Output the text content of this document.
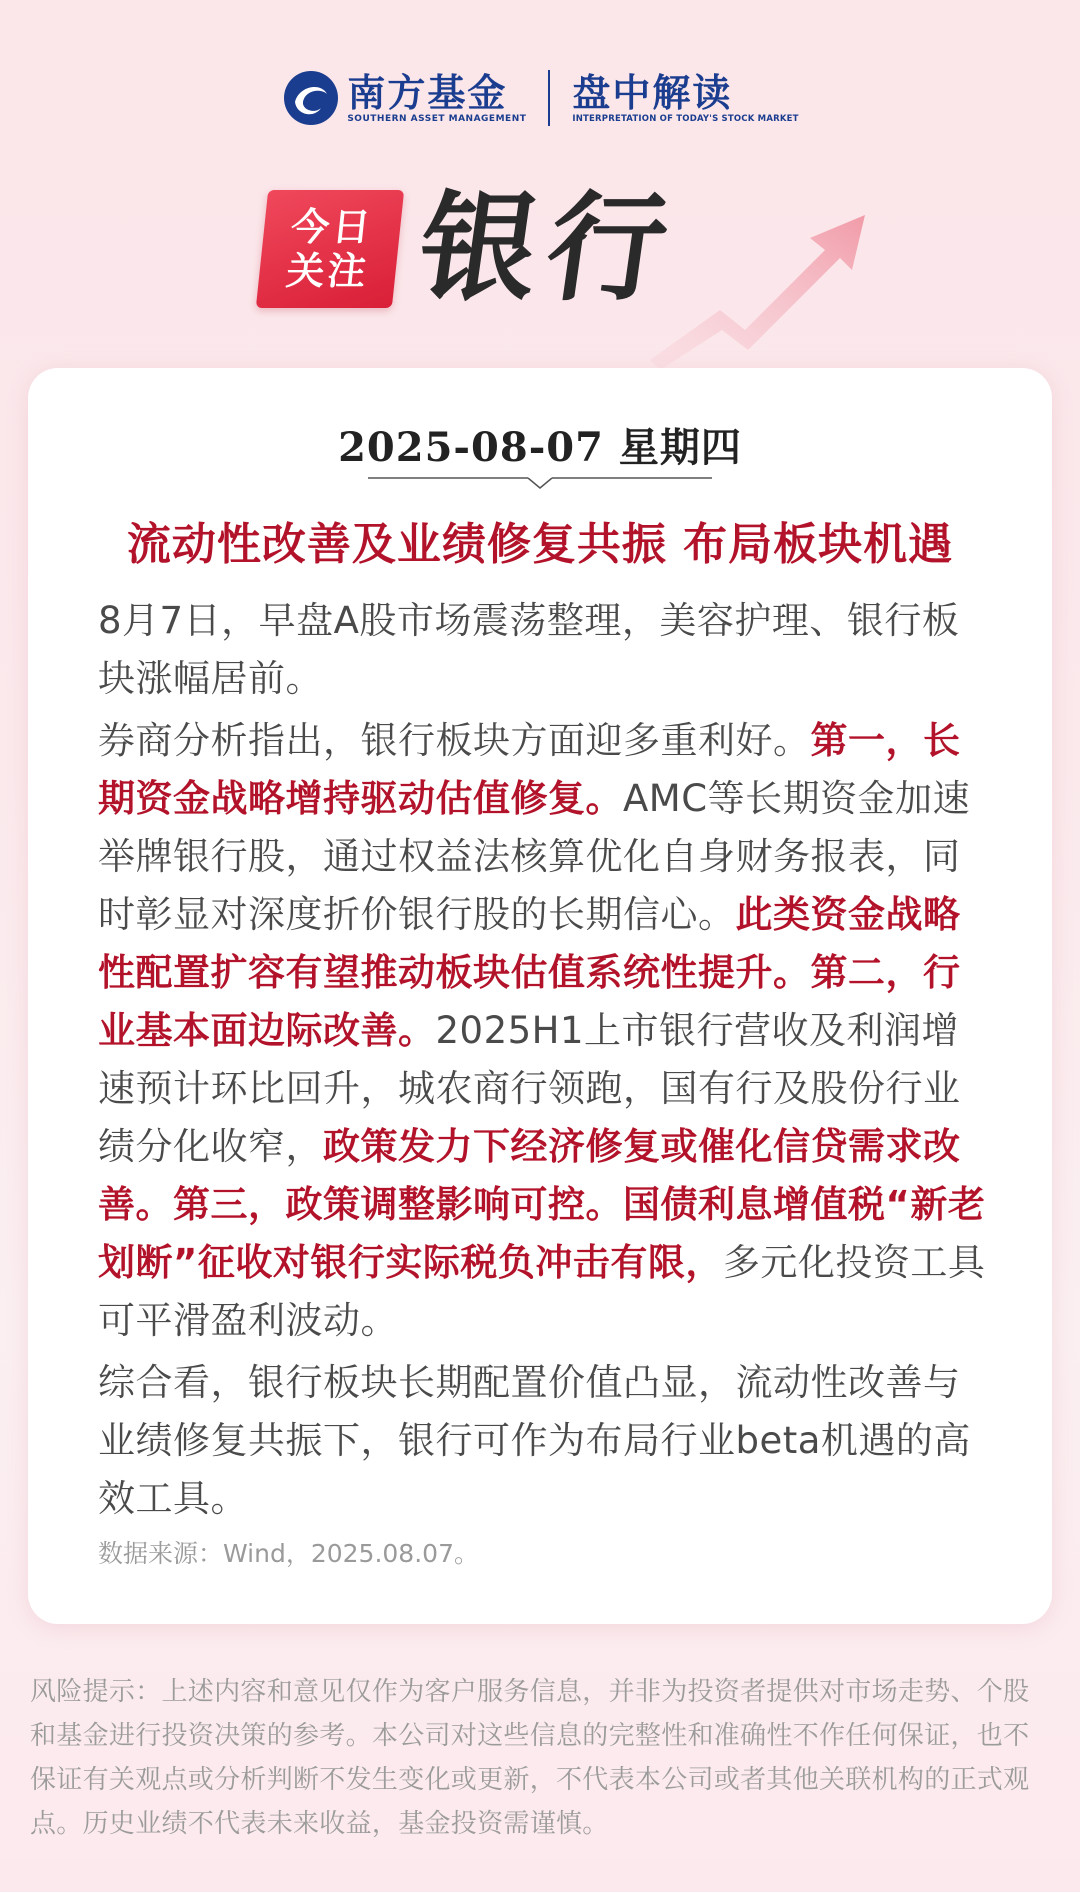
南方基金
SOUTHERN ASSET MANAGEMENT
盘中解读
INTERPRETATION OF TODAY'S STOCK MARKET
今日
关注 银行
2025-08-07 星期四
流动性改善及业绩修复共振 布局板块机遇

8月7日，早盘A股市场震荡整理，美容护理、银行板块涨幅居前。

券商分析指出，银行板块方面迎多重利好。第一，长期资金战略增持驱动估值修复。AMC等长期资金加速举牌银行股，通过权益法核算优化自身财务报表，同时彰显对深度折价银行股的长期信心。此类资金战略性配置扩容有望推动板块估值系统性提升。第二，行业基本面边际改善。2025H1上市银行营收及利润增速预计环比回升，城农商行领跑，国有行及股份行业绩分化收窄，政策发力下经济修复或催化信贷需求改善。第三，政策调整影响可控。国债利息增值税“新老划断”征收对银行实际税负冲击有限，多元化投资工具可平滑盈利波动。

综合看，银行板块长期配置价值凸显，流动性改善与业绩修复共振下，银行可作为布局行业beta机遇的高效工具。

数据来源：Wind，2025.08.07。
风险提示：上述内容和意见仅作为客户服务信息，并非为投资者提供对市场走势、个股和基金进行投资决策的参考。本公司对这些信息的完整性和准确性不作任何保证，也不保证有关观点或分析判断不发生变化或更新，不代表本公司或者其他关联机构的正式观点。历史业绩不代表未来收益，基金投资需谨慎。
